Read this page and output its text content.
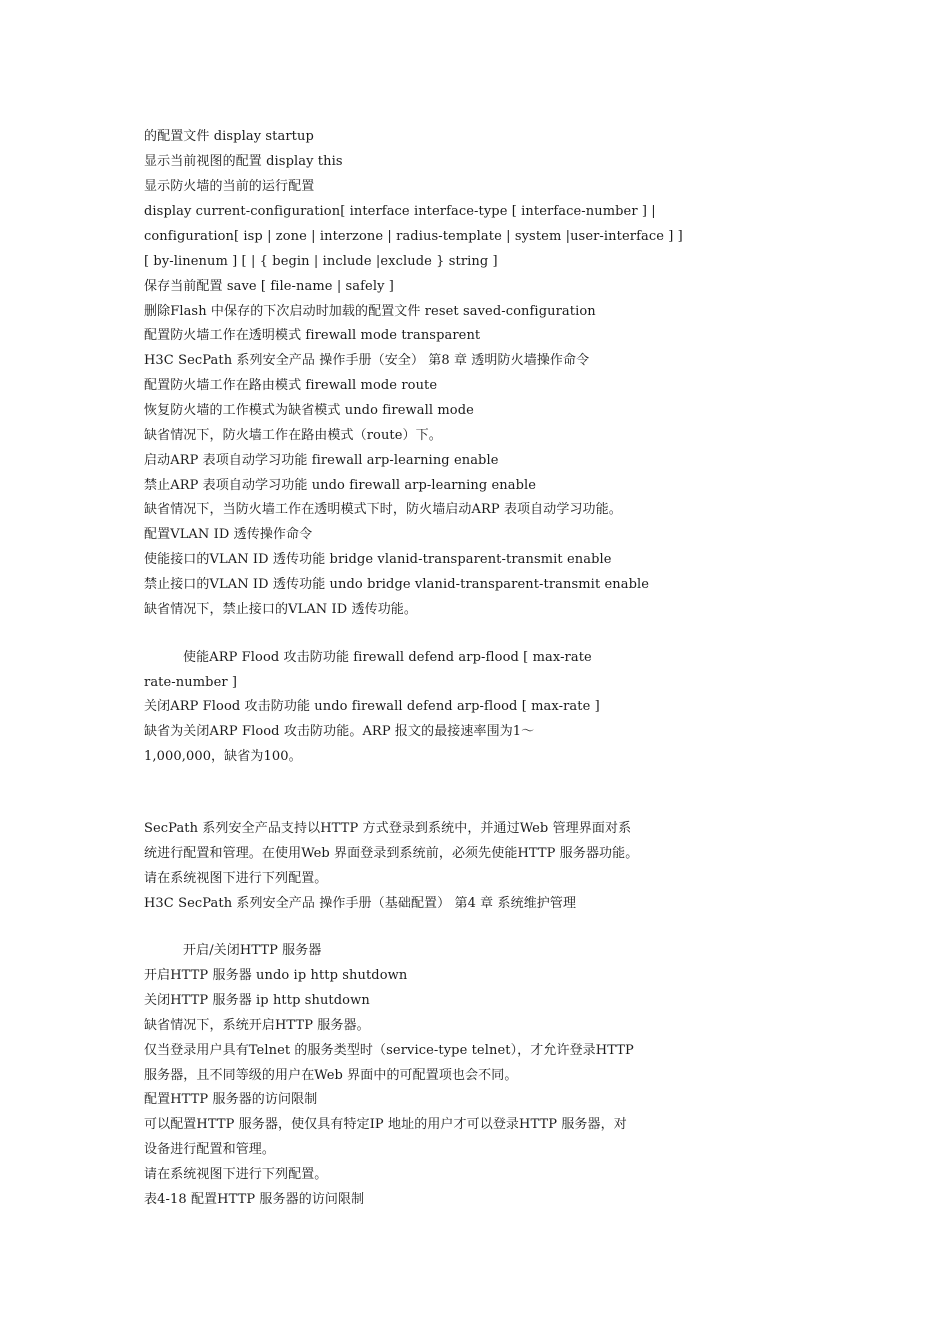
的配置文件 display startup
显示当前视图的配置 display this
显示防火墙的当前的运行配置
display current-configuration[ interface interface-type [ interface-number ] |
configuration[ isp | zone | interzone | radius-template | system |user-interface ] ]
[ by-linenum ] [ | { begin | include |exclude } string ]
保存当前配置 save [ file-name | safely ]
删除Flash 中保存的下次启动时加载的配置文件 reset saved-configuration
配置防火墙工作在透明模式 firewall mode transparent
H3C SecPath 系列安全产品 操作手册（安全） 第8 章 透明防火墙操作命令
配置防火墙工作在路由模式 firewall mode route
恢复防火墙的工作模式为缺省模式 undo firewall mode
缺省情况下，防火墙工作在路由模式（route）下。
启动ARP 表项自动学习功能 firewall arp-learning enable
禁止ARP 表项自动学习功能 undo firewall arp-learning enable
缺省情况下，当防火墙工作在透明模式下时，防火墙启动ARP 表项自动学习功能。
配置VLAN ID 透传操作命令
使能接口的VLAN ID 透传功能 bridge vlanid-transparent-transmit enable
禁止接口的VLAN ID 透传功能 undo bridge vlanid-transparent-transmit enable
缺省情况下，禁止接口的VLAN ID 透传功能。
使能ARP Flood 攻击防功能 firewall defend arp-flood [ max-rate
rate-number ]
关闭ARP Flood 攻击防功能 undo firewall defend arp-flood [ max-rate ]
缺省为关闭ARP Flood 攻击防功能。ARP 报文的最接速率围为1～
1,000,000，缺省为100。
SecPath 系列安全产品支持以HTTP 方式登录到系统中，并通过Web 管理界面对系
统进行配置和管理。在使用Web 界面登录到系统前，必须先使能HTTP 服务器功能。
请在系统视图下进行下列配置。
H3C SecPath 系列安全产品 操作手册（基础配置） 第4 章 系统维护管理
开启/关闭HTTP 服务器
开启HTTP 服务器 undo ip http shutdown
关闭HTTP 服务器 ip http shutdown
缺省情况下，系统开启HTTP 服务器。
仅当登录用户具有Telnet 的服务类型时（service-type telnet），才允许登录HTTP
服务器，且不同等级的用户在Web 界面中的可配置项也会不同。
配置HTTP 服务器的访问限制
可以配置HTTP 服务器，使仅具有特定IP 地址的用户才可以登录HTTP 服务器，对
设备进行配置和管理。
请在系统视图下进行下列配置。
表4-18 配置HTTP 服务器的访问限制
